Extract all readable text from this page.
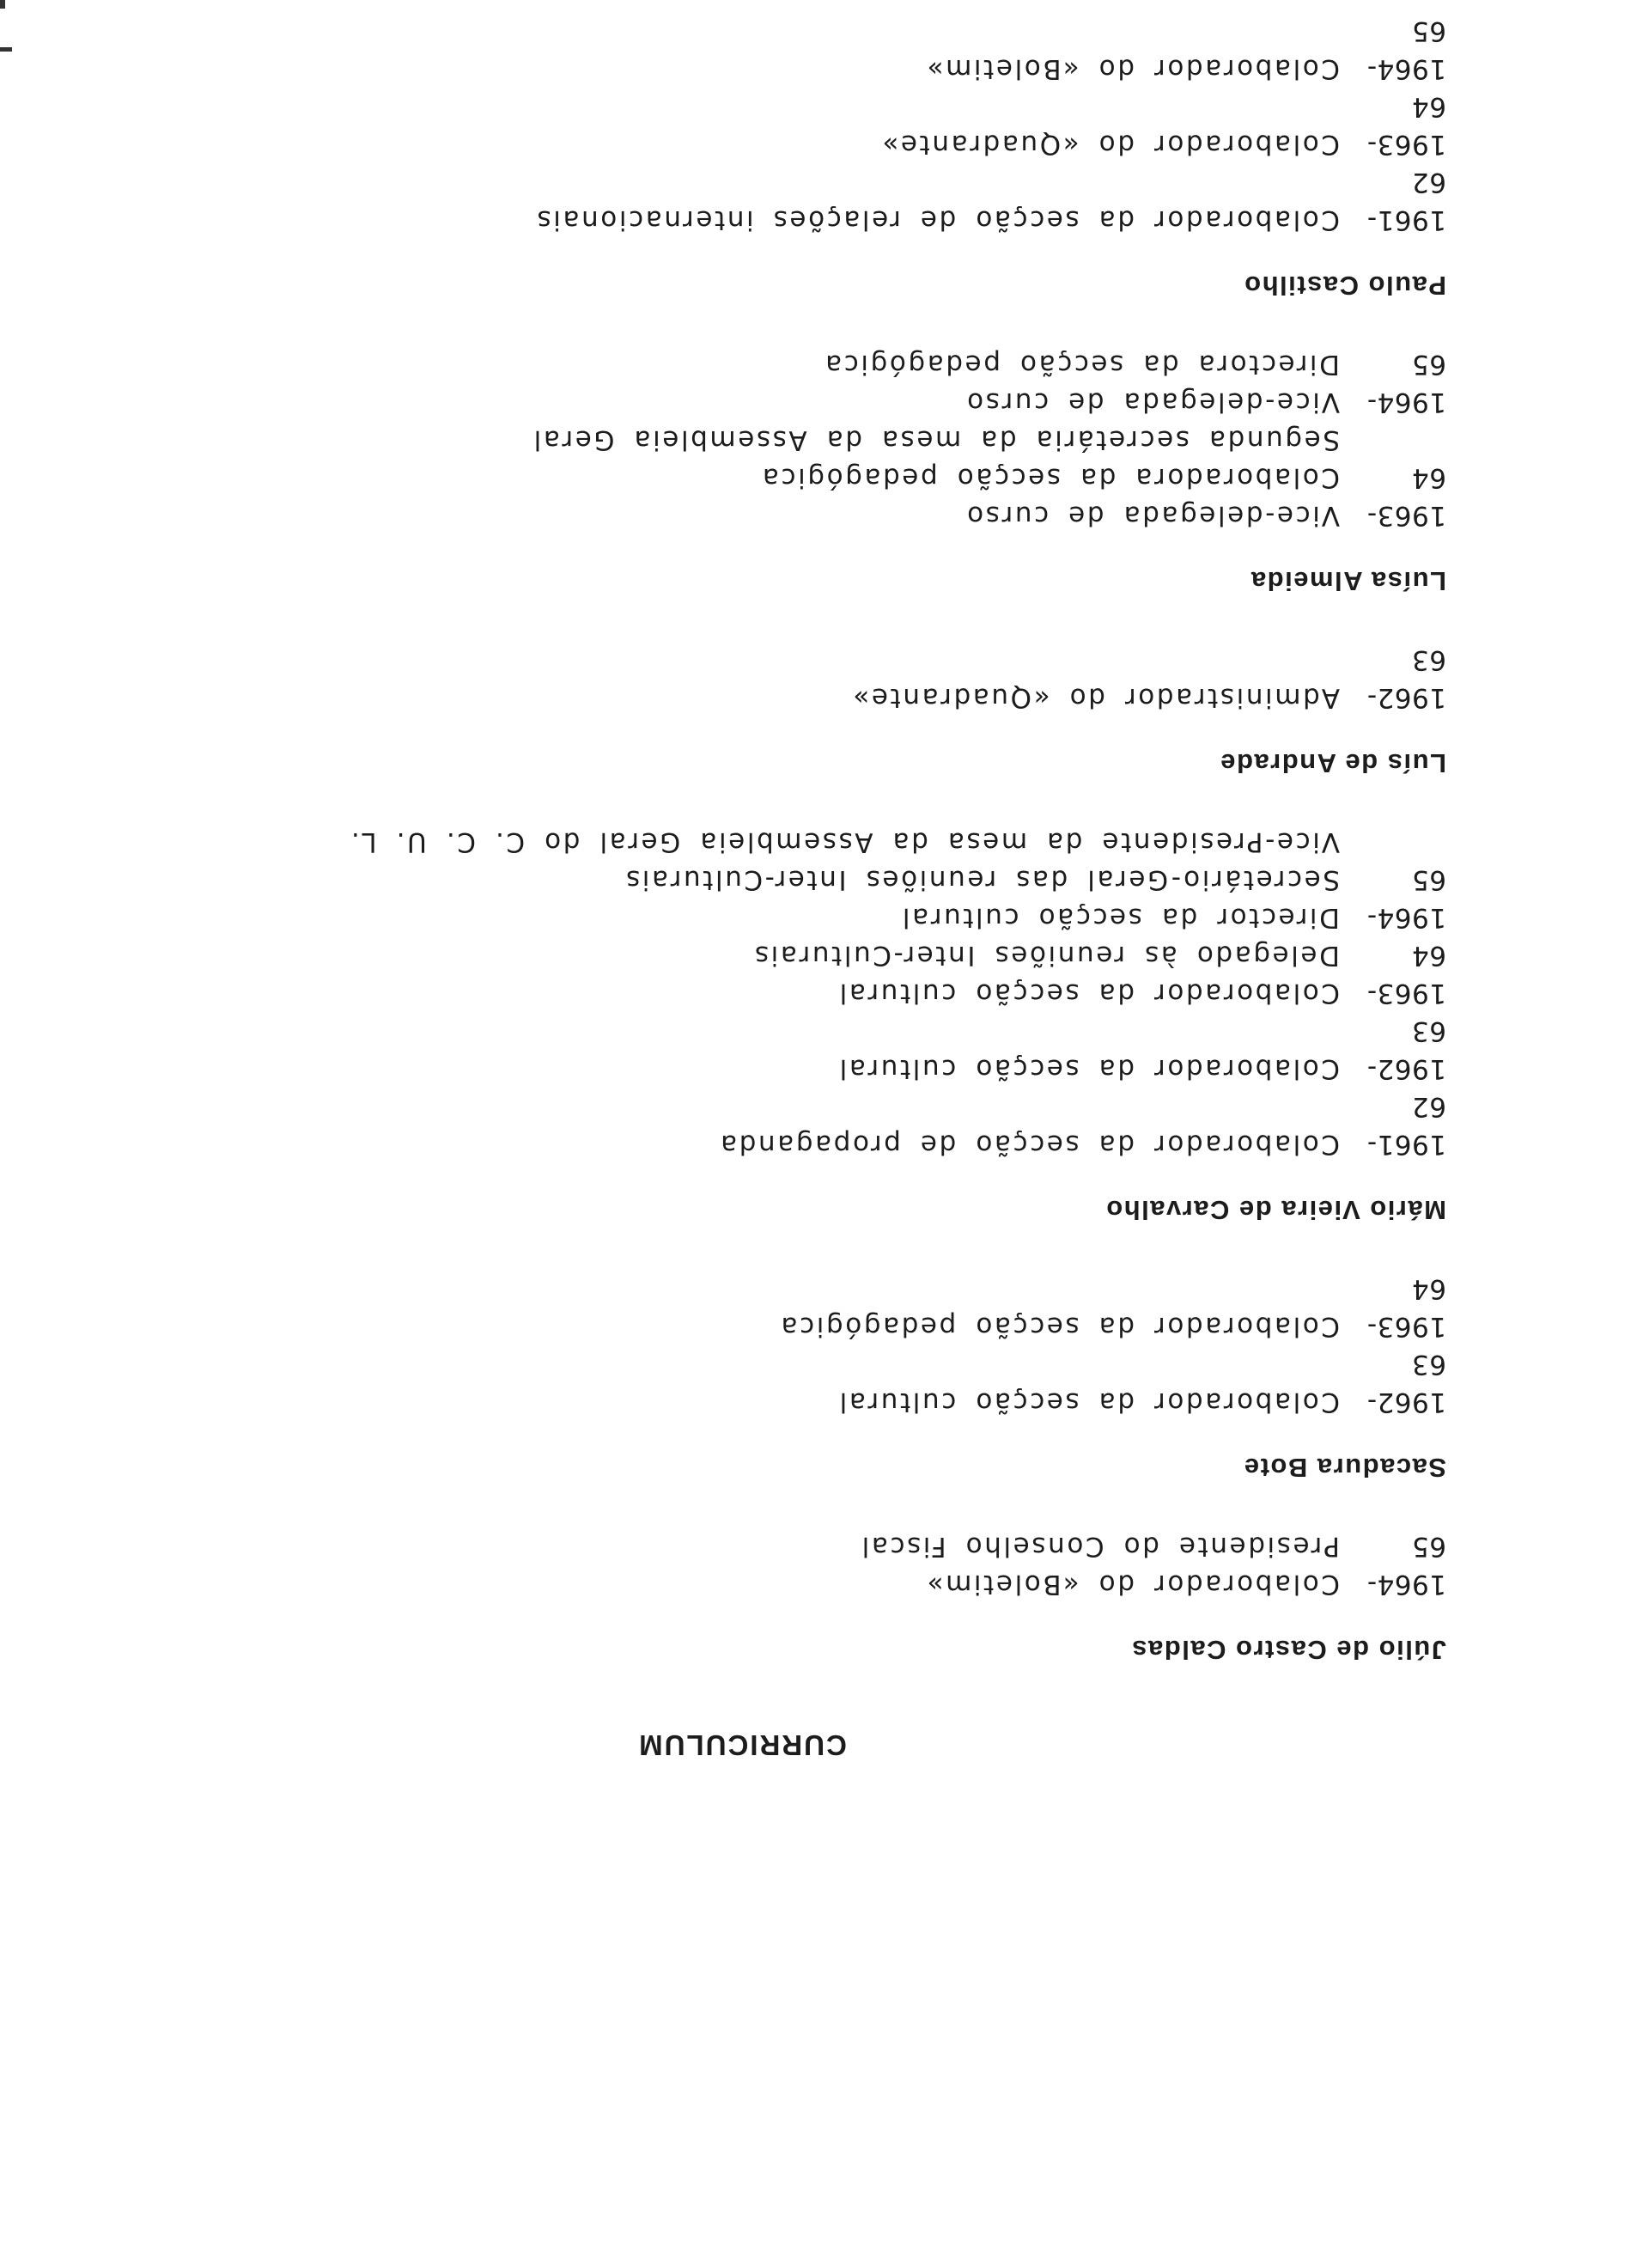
CURRICULUM
Júlio de Castro Caldas
1964-65
Colaborador do «Boletim»
Presidente do Conselho Fiscal
Sacadura Bote
1962-63
Colaborador da secção cultural
1963-64
Colaborador da secção pedagógica
Mário Vieira de Carvalho
1961-62
Colaborador da secção de propaganda
1962-63
Colaborador da secção cultural
1963-64
Colaborador da secção cultural
Delegado às reuniões Inter-Culturais
1964-65
Director da secção cultural
Secretário-Geral das reuniões Inter-Culturais
Vice-Presidente da mesa da Assembleia Geral do C. C. U. L.
Luís de Andrade
1962-63
Administrador do «Quadrante»
Luísa Almeida
1963-64
Vice-delegada de curso
Colaboradora da secção pedagógica
Segunda secretária da mesa da Assembleia Geral
1964-65
Vice-delegada de curso
Directora da secção pedagógica
Paulo Castilho
1961-62
Colaborador da secção de relações internacionais
1963-64
Colaborador do «Quadrante»
1964-65
Colaborador do «Boletim»
